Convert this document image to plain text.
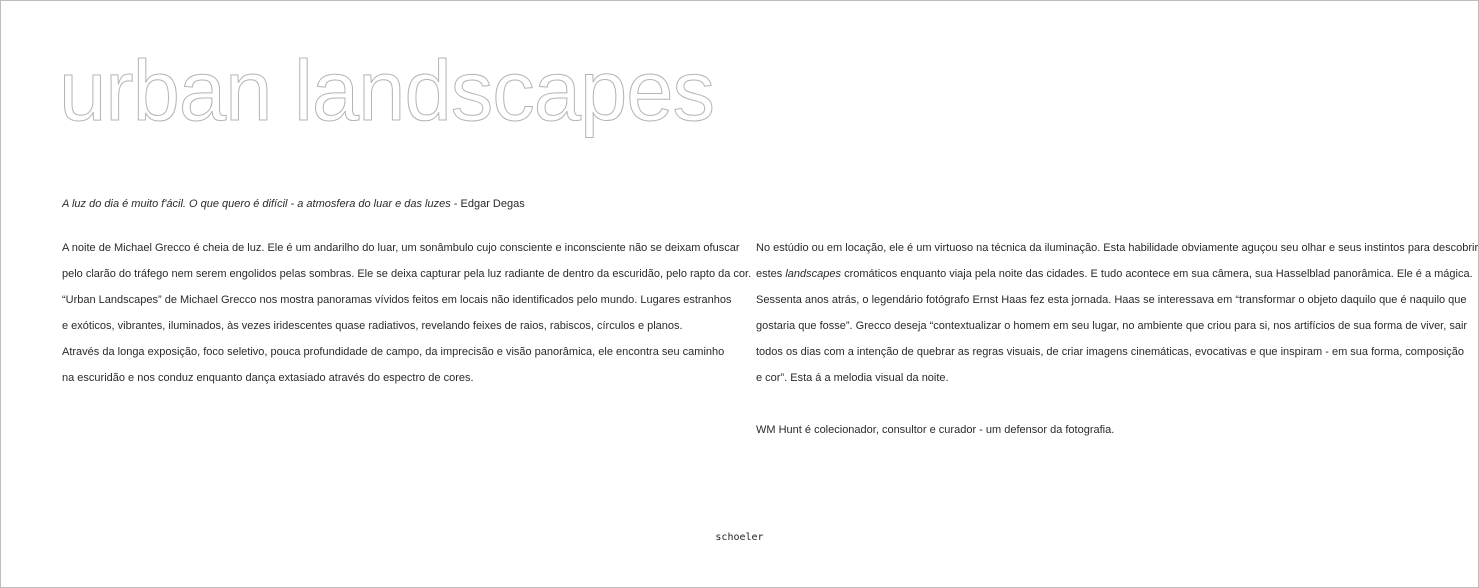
urban landscapes
A luz do dia é muito f'ácil. O que quero é difícil - a atmosfera do luar e das luzes - Edgar Degas
A noite de Michael Grecco é cheia de luz. Ele é um andarilho do luar, um sonâmbulo cujo consciente e inconsciente não se deixam ofuscar
pelo clarão do tráfego nem serem engolidos pelas sombras. Ele se deixa capturar pela luz radiante de dentro da escuridão, pelo rapto da cor.
“Urban Landscapes” de Michael Grecco nos mostra panoramas vívidos feitos em locais não identificados pelo mundo. Lugares estranhos
e exóticos, vibrantes, iluminados, às vezes iridescentes quase radiativos, revelando feixes de raios, rabiscos, círculos e planos.
Através da longa exposição, foco seletivo, pouca profundidade de campo, da imprecisão e visão panorâmica, ele encontra seu caminho
na escuridão e nos conduz enquanto dança extasiado através do espectro de cores.
No estúdio ou em locação, ele é um virtuoso na técnica da iluminação. Esta habilidade obviamente aguçou seu olhar e seus instintos para descobrir
estes landscapes cromáticos enquanto viaja pela noite das cidades. E tudo acontece em sua câmera, sua Hasselblad panorâmica. Ele é a mágica.
Sessenta anos atrás, o legendário fotógrafo Ernst Haas fez esta jornada. Haas se interessava em “transformar o objeto daquilo que é naquilo que
gostaria que fosse”. Grecco deseja “contextualizar o homem em seu lugar, no ambiente que criou para si, nos artifícios de sua forma de viver, sair
todos os dias com a intenção de quebrar as regras visuais, de criar imagens cinemáticas, evocativas e que inspiram - em sua forma, composição
e cor”. Esta á a melodia visual da noite.
WM Hunt é colecionador, consultor e curador - um defensor da fotografia.
schoeler
